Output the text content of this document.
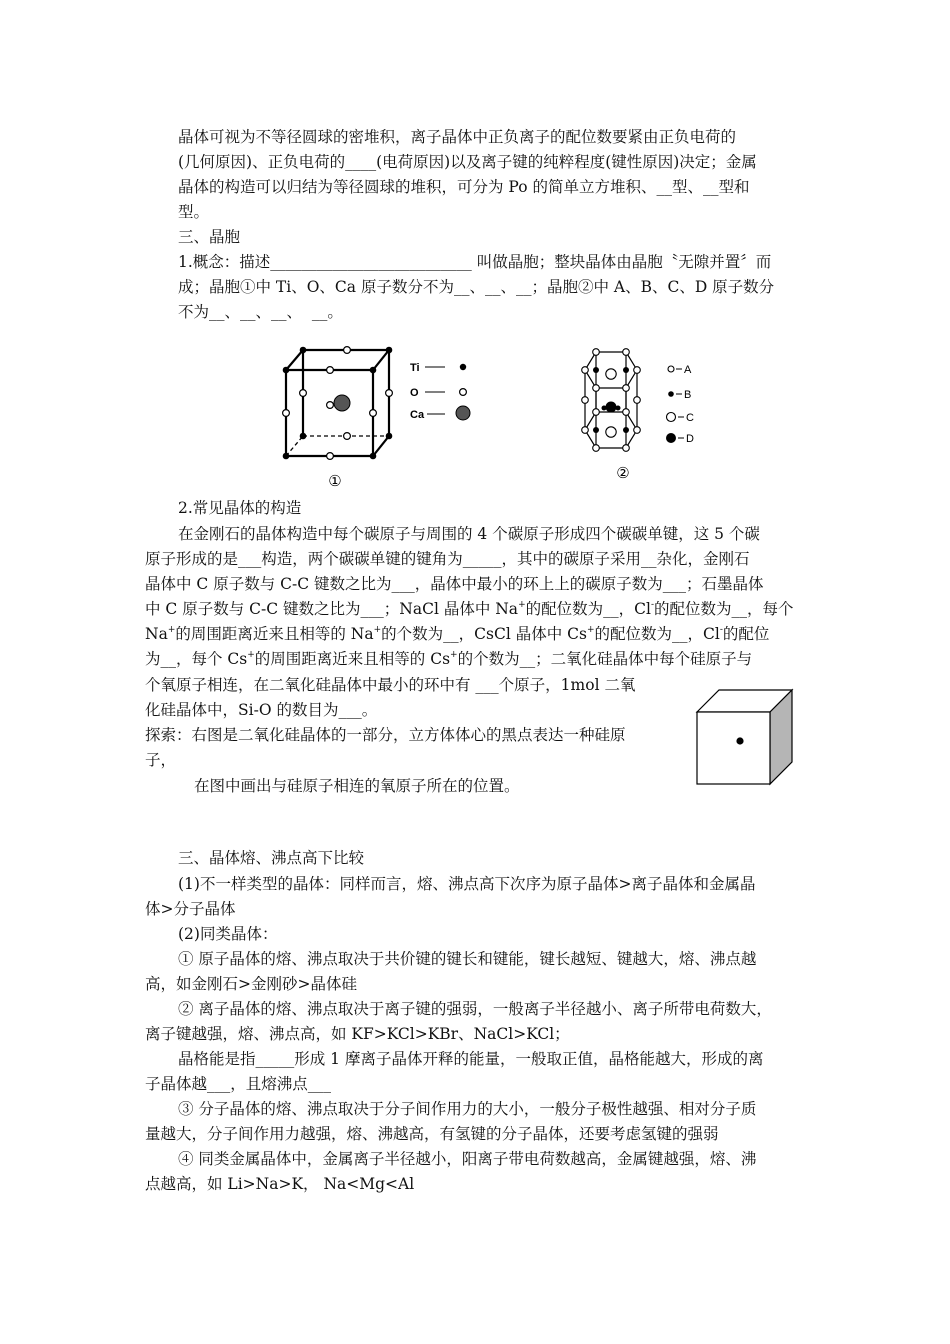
晶体可视为不等径圆球的密堆积，离子晶体中正负离子的配位数要紧由正负电荷的
(几何原因)、正负电荷的____(电荷原因)以及离子键的纯粹程度(键性原因)决定；金属
晶体的构造可以归结为等径圆球的堆积，可分为 Po 的简单立方堆积、__型、__型和
型。
三、晶胞
1.概念：描述__________________________ 叫做晶胞；整块晶体由晶胞〝无隙并置〞而
成；晶胞①中 Ti、O、Ca 原子数分不为__、__、__；晶胞②中 A、B、C、D 原子数分
不为__、__、__、  __。
Ti
O
Ca
①
A
B
C
D
②
2.常见晶体的构造
在金刚石的晶体构造中每个碳原子与周围的 4 个碳原子形成四个碳碳单键，这 5 个碳
原子形成的是___构造，两个碳碳单键的键角为_____，其中的碳原子采用__杂化，金刚石
晶体中 C 原子数与 C-C 键数之比为___，晶体中最小的环上上的碳原子数为___；石墨晶体
中 C 原子数与 C-C 键数之比为___；NaCl 晶体中 Na+的配位数为__，Cl-的配位数为__，每个
Na+的周围距离近来且相等的 Na+的个数为__，CsCl 晶体中 Cs+的配位数为__，Cl-的配位
为__，每个 Cs+的周围距离近来且相等的 Cs+的个数为__；二氧化硅晶体中每个硅原子与
个氧原子相连，在二氧化硅晶体中最小的环中有 ___个原子，1mol 二氧
化硅晶体中，Si-O 的数目为___。
探索：右图是二氧化硅晶体的一部分，立方体体心的黑点表达一种硅原
子，
在图中画出与硅原子相连的氧原子所在的位置。
三、晶体熔、沸点高下比较
(1)不一样类型的晶体：同样而言，熔、沸点高下次序为原子晶体>离子晶体和金属晶
体>分子晶体
(2)同类晶体：
① 原子晶体的熔、沸点取决于共价键的键长和键能，键长越短、键越大，熔、沸点越
高，如金刚石>金刚砂>晶体硅
② 离子晶体的熔、沸点取决于离子键的强弱，一般离子半径越小、离子所带电荷数大，
离子键越强，熔、沸点高，如 KF>KCl>KBr、NaCl>KCl；
晶格能是指_____形成 1 摩离子晶体开释的能量，一般取正值，晶格能越大，形成的离
子晶体越___，且熔沸点___
③ 分子晶体的熔、沸点取决于分子间作用力的大小，一般分子极性越强、相对分子质
量越大，分子间作用力越强，熔、沸越高，有氢键的分子晶体，还要考虑氢键的强弱
④ 同类金属晶体中，金属离子半径越小，阳离子带电荷数越高，金属键越强，熔、沸
点越高，如 Li>Na>K， Na<Mg<Al
